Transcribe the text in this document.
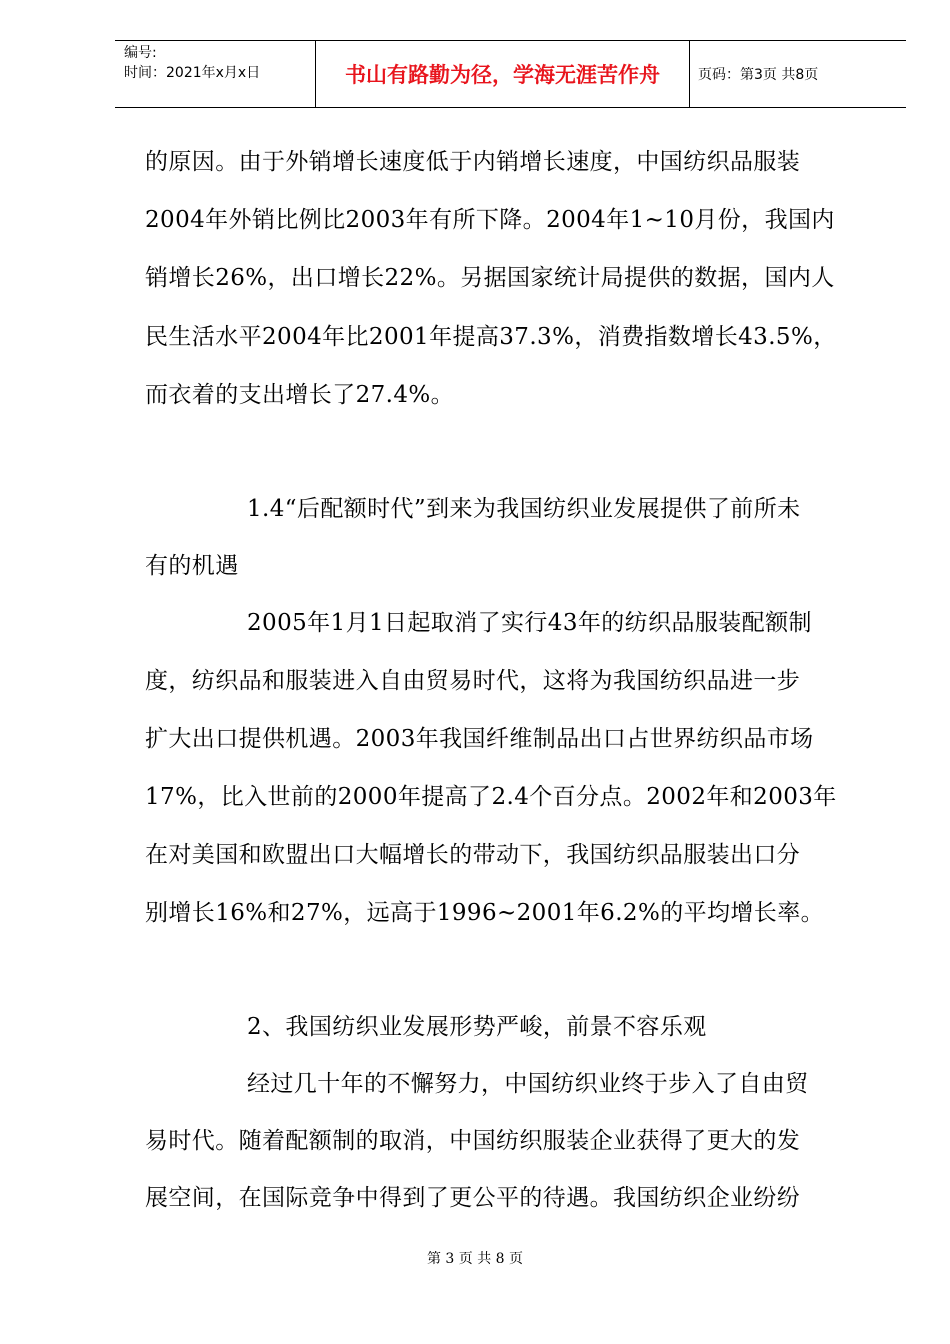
编号:
时间：2021年x月x日	书山有路勤为径，学海无涯苦作舟	页码：第3页 共8页
的原因。由于外销增长速度低于内销增长速度，中国纺织品服装
2004年外销比例比2003年有所下降。2004年1~10月份，我国内
销增长26%，出口增长22%。另据国家统计局提供的数据，国内人
民生活水平2004年比2001年提高37.3%，消费指数增长43.5%，
而衣着的支出增长了27.4%。
1.4“后配额时代”到来为我国纺织业发展提供了前所未
有的机遇
2005年1月1日起取消了实行43年的纺织品服装配额制
度，纺织品和服装进入自由贸易时代，这将为我国纺织品进一步
扩大出口提供机遇。2003年我国纤维制品出口占世界纺织品市场
17%，比入世前的2000年提高了2.4个百分点。2002年和2003年
在对美国和欧盟出口大幅增长的带动下，我国纺织品服装出口分
别增长16%和27%，远高于1996~2001年6.2%的平均增长率。
2、我国纺织业发展形势严峻，前景不容乐观
经过几十年的不懈努力，中国纺织业终于步入了自由贸
易时代。随着配额制的取消，中国纺织服装企业获得了更大的发
展空间，在国际竞争中得到了更公平的待遇。我国纺织企业纷纷
第 3 页 共 8 页
